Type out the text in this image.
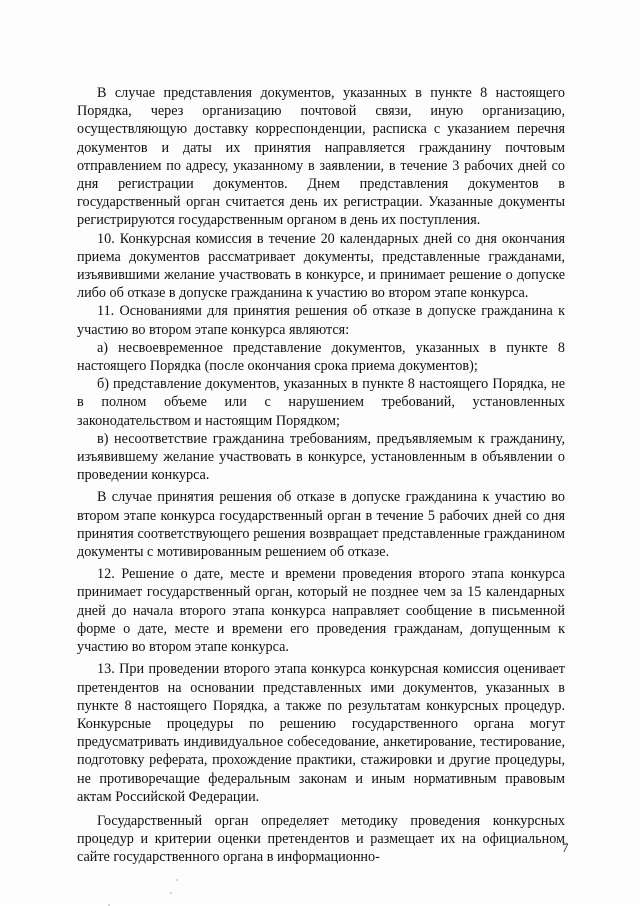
В случае представления документов, указанных в пункте 8 настоящего Порядка, через организацию почтовой связи, иную организацию, осуществляющую доставку корреспонденции, расписка с указанием перечня документов и даты их принятия направляется гражданину почтовым отправлением по адресу, указанному в заявлении, в течение 3 рабочих дней со дня регистрации документов. Днем представления документов в государственный орган считается день их регистрации. Указанные документы регистрируются государственным органом в день их поступления.

10. Конкурсная комиссия в течение 20 календарных дней со дня окончания приема документов рассматривает документы, представленные гражданами, изъявившими желание участвовать в конкурсе, и принимает решение о допуске либо об отказе в допуске гражданина к участию во втором этапе конкурса.

11. Основаниями для принятия решения об отказе в допуске гражданина к участию во втором этапе конкурса являются:

а) несвоевременное представление документов, указанных в пункте 8 настоящего Порядка (после окончания срока приема документов);

б) представление документов, указанных в пункте 8 настоящего Порядка, не в полном объеме или с нарушением требований, установленных законодательством и настоящим Порядком;

в) несоответствие гражданина требованиям, предъявляемым к гражданину, изъявившему желание участвовать в конкурсе, установленным в объявлении о проведении конкурса.

В случае принятия решения об отказе в допуске гражданина к участию во втором этапе конкурса государственный орган в течение 5 рабочих дней со дня принятия соответствующего решения возвращает представленные гражданином документы с мотивированным решением об отказе.

12. Решение о дате, месте и времени проведения второго этапа конкурса принимает государственный орган, который не позднее чем за 15 календарных дней до начала второго этапа конкурса направляет сообщение в письменной форме о дате, месте и времени его проведения гражданам, допущенным к участию во втором этапе конкурса.

13. При проведении второго этапа конкурса конкурсная комиссия оценивает претендентов на основании представленных ими документов, указанных в пункте 8 настоящего Порядка, а также по результатам конкурсных процедур. Конкурсные процедуры по решению государственного органа могут предусматривать индивидуальное собеседование, анкетирование, тестирование, подготовку реферата, прохождение практики, стажировки и другие процедуры, не противоречащие федеральным законам и иным нормативным правовым актам Российской Федерации.

Государственный орган определяет методику проведения конкурсных процедур и критерии оценки претендентов и размещает их на официальном сайте государственного органа в информационно-

7
